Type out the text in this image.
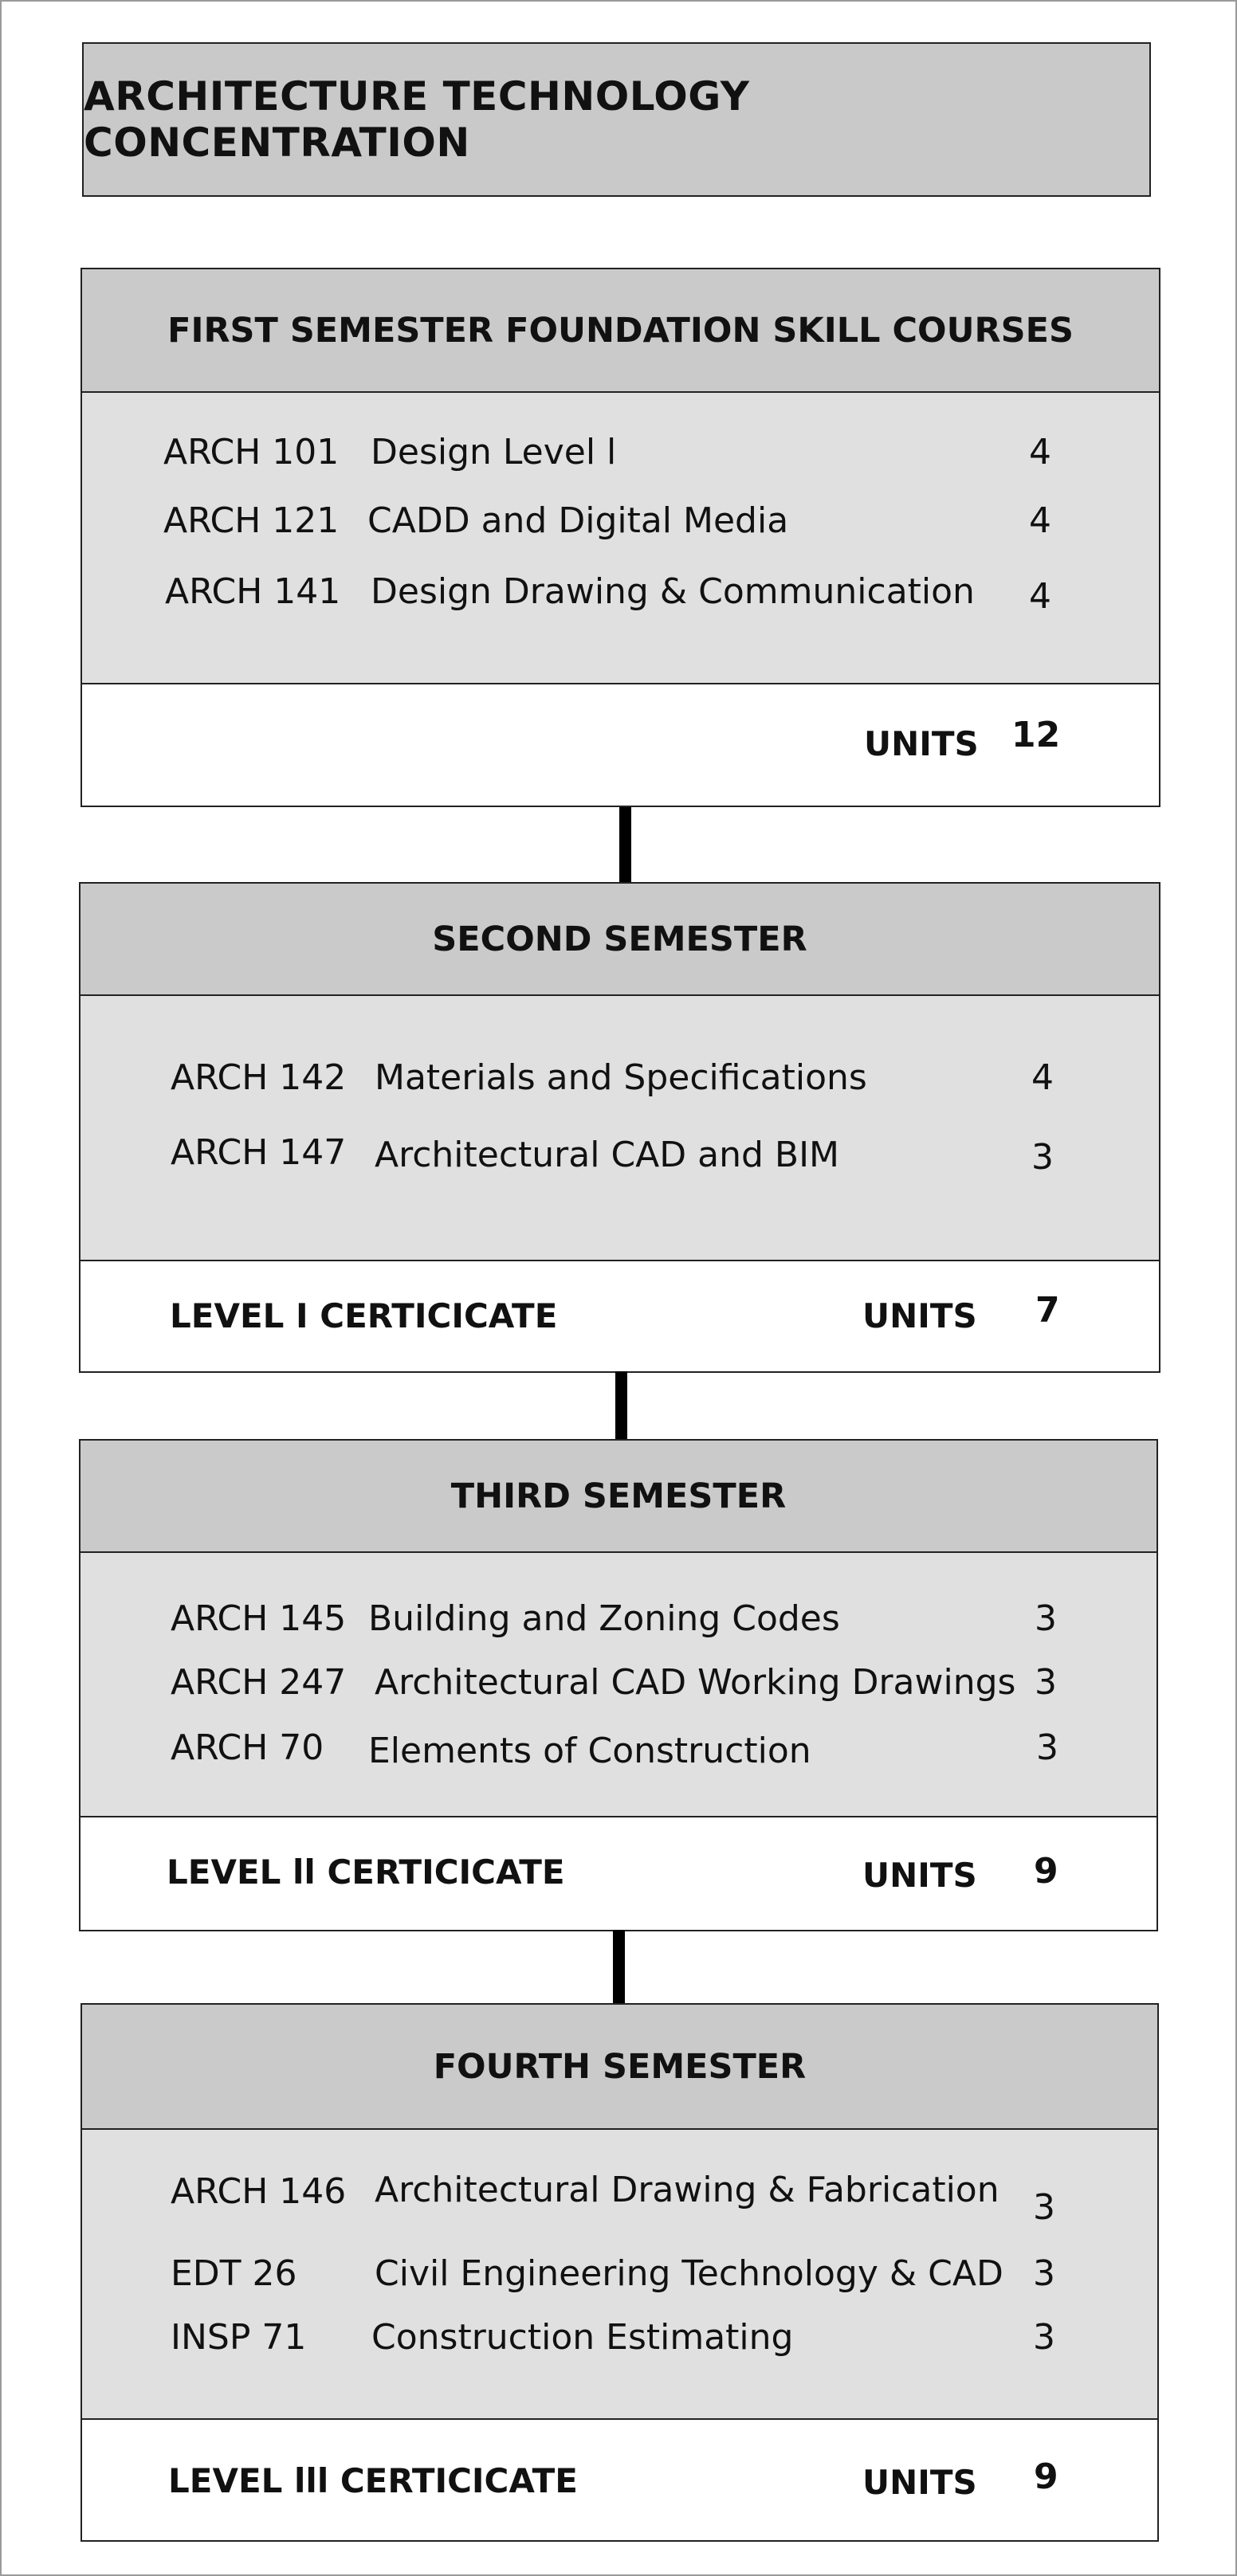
ARCHITECTURE TECHNOLOGY CONCENTRATION
FIRST SEMESTER FOUNDATION SKILL COURSES
ARCH 101 Design Level l	4
ARCH 121 CADD and Digital Media	4
ARCH 141 Design Drawing & Communication 4
UNITS 12
SECOND SEMESTER
ARCH 142 Materials and Specifications	4
ARCH 147 Architectural CAD and BIM	3
LEVEL I CERTICICATE	UNITS 7
THIRD SEMESTER
ARCH 145 Building and Zoning Codes	3
ARCH 247 Architectural CAD Working Drawings 3
ARCH 70 Elements of Construction	3
LEVEL ll CERTICICATE	UNITS 9
FOURTH SEMESTER
ARCH 146 Architectural Drawing & Fabrication 3
EDT 26 Civil Engineering Technology & CAD 3
INSP 71 Construction Estimating	3
LEVEL lll CERTICICATE	UNITS 9
